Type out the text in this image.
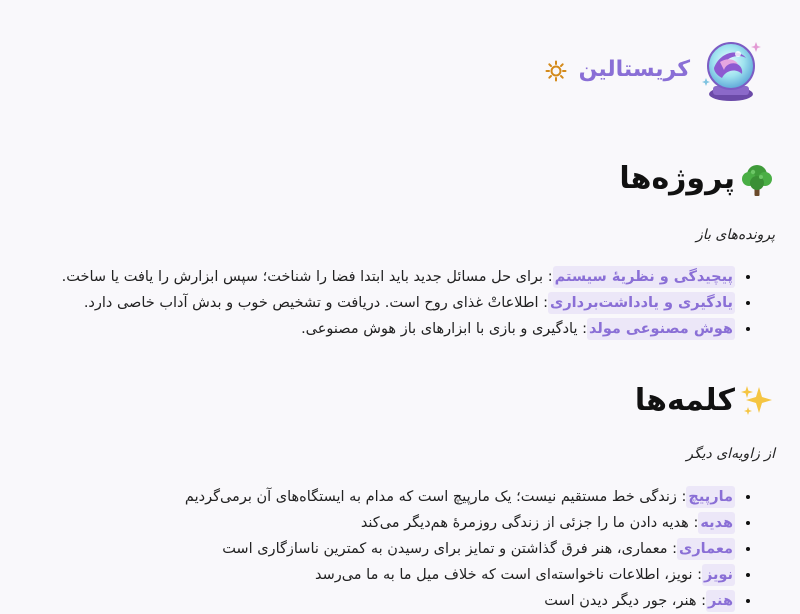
کریستالین
پروژه‌ها

پرونده‌های باز

• پیچیدگی و نظریهٔ سیستم: برای حل مسائل جدید باید ابتدا فضا را شناخت؛ سپس ابزارش را یافت یا ساخت.
• یادگیری و یادداشت‌برداری: اطلاعاتْ غذای روح است. دریافت و تشخیص خوب و بدش آداب خاصی دارد.
• هوش مصنوعی مولد: یادگیری و بازی با ابزارهای باز هوش مصنوعی.
کلمه‌ها

از زاویه‌ای دیگر

• مارپیچ: زندگی خط مستقیم نیست؛ یک مارپیچ است که مدام به ایستگاه‌های آن برمی‌گردیم
• هدیه: هدیه دادن ما را جزئی از زندگی روزمرهٔ هم‌دیگر می‌کند
• معماری: معماری، هنر فرق گذاشتن و تمایز برای رسیدن به کمترین ناسازگاری است
• نویز: نویز، اطلاعات ناخواسته‌ای است که خلاف میل ما به ما می‌رسد
• هنر: هنر، جور دیگر دیدن است
